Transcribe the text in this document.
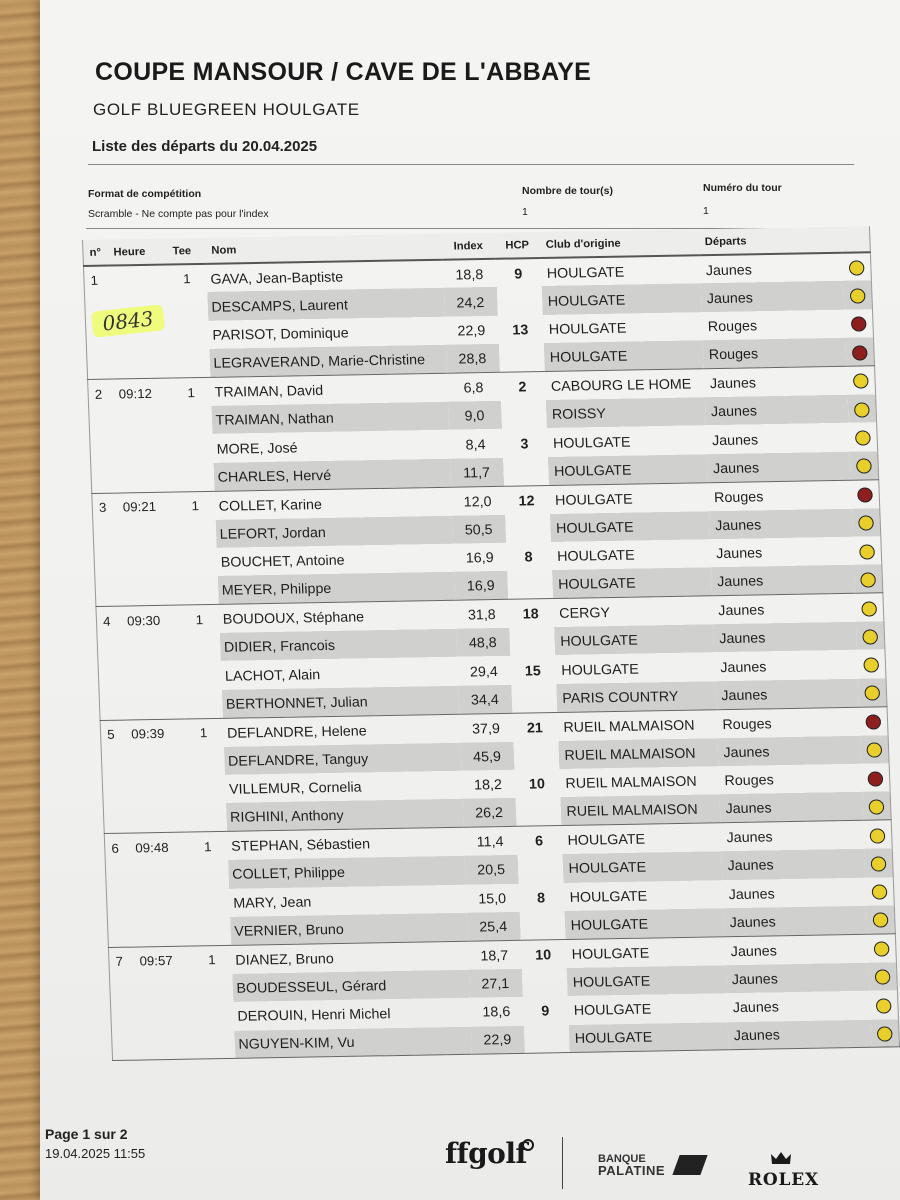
COUPE MANSOUR / CAVE DE L'ABBAYE
GOLF BLUEGREEN HOULGATE
Liste des départs du 20.04.2025
Format de compétition
Scramble - Ne compte pas pour l'index
Nombre de tour(s)
1
Numéro du tour
1
n°	Heure	Tee	Nom	Index	HCP	Club d'origine	Départs	
1		1	GAVA, Jean-Baptiste	18,8	9	HOULGATE	Jaunes	
			DESCAMPS, Laurent	24,2		HOULGATE	Jaunes	
			PARISOT, Dominique	22,9	13	HOULGATE	Rouges	
			LEGRAVERAND, Marie-Christine	28,8		HOULGATE	Rouges	
2	09:12	1	TRAIMAN, David	6,8	2	CABOURG LE HOME	Jaunes	
			TRAIMAN, Nathan	9,0		ROISSY	Jaunes	
			MORE, José	8,4	3	HOULGATE	Jaunes	
			CHARLES, Hervé	11,7		HOULGATE	Jaunes	
3	09:21	1	COLLET, Karine	12,0	12	HOULGATE	Rouges	
			LEFORT, Jordan	50,5		HOULGATE	Jaunes	
			BOUCHET, Antoine	16,9	8	HOULGATE	Jaunes	
			MEYER, Philippe	16,9		HOULGATE	Jaunes	
4	09:30	1	BOUDOUX, Stéphane	31,8	18	CERGY	Jaunes	
			DIDIER, Francois	48,8		HOULGATE	Jaunes	
			LACHOT, Alain	29,4	15	HOULGATE	Jaunes	
			BERTHONNET, Julian	34,4		PARIS COUNTRY	Jaunes	
5	09:39	1	DEFLANDRE, Helene	37,9	21	RUEIL MALMAISON	Rouges	
			DEFLANDRE, Tanguy	45,9		RUEIL MALMAISON	Jaunes	
			VILLEMUR, Cornelia	18,2	10	RUEIL MALMAISON	Rouges	
			RIGHINI, Anthony	26,2		RUEIL MALMAISON	Jaunes	
6	09:48	1	STEPHAN, Sébastien	11,4	6	HOULGATE	Jaunes	
			COLLET, Philippe	20,5		HOULGATE	Jaunes	
			MARY, Jean	15,0	8	HOULGATE	Jaunes	
			VERNIER, Bruno	25,4		HOULGATE	Jaunes	
7	09:57	1	DIANEZ, Bruno	18,7	10	HOULGATE	Jaunes	
			BOUDESSEUL, Gérard	27,1		HOULGATE	Jaunes	
			DEROUIN, Henri Michel	18,6	9	HOULGATE	Jaunes	
			NGUYEN-KIM, Vu	22,9		HOULGATE	Jaunes	
0843
Page 1 sur 2
19.04.2025 11:55	ffgolf	BANQUE
PALATINE	ROLEX
